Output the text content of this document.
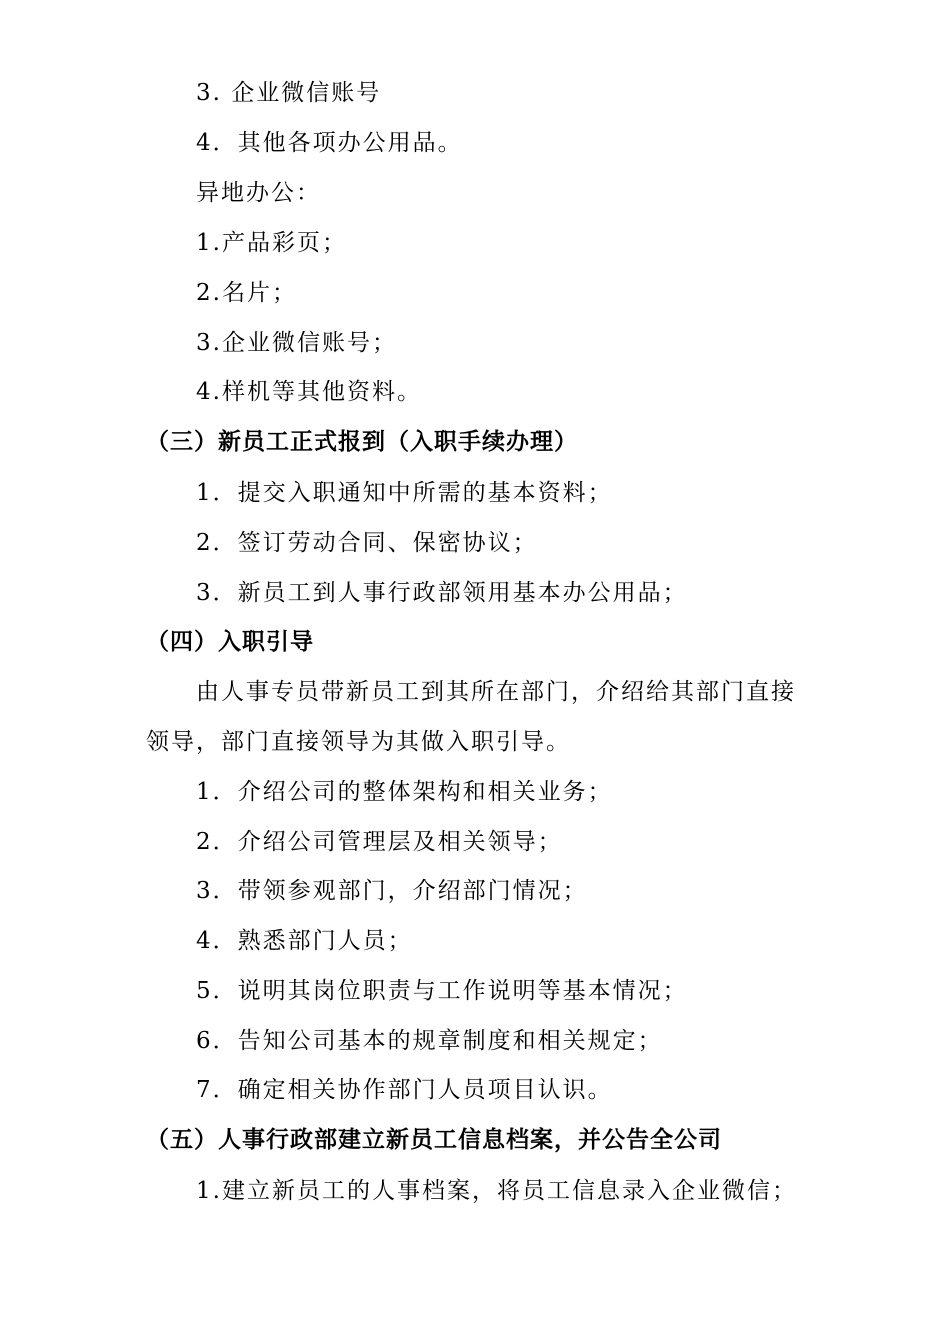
3. 企业微信账号
4．其他各项办公用品。
异地办公：
1.产品彩页；
2.名片；
3.企业微信账号；
4.样机等其他资料。
（三）新员工正式报到（入职手续办理）
1．提交入职通知中所需的基本资料；
2．签订劳动合同、保密协议；
3．新员工到人事行政部领用基本办公用品；
（四）入职引导
由人事专员带新员工到其所在部门，介绍给其部门直接
领导，部门直接领导为其做入职引导。
1．介绍公司的整体架构和相关业务；
2．介绍公司管理层及相关领导；
3．带领参观部门，介绍部门情况；
4．熟悉部门人员；
5．说明其岗位职责与工作说明等基本情况；
6．告知公司基本的规章制度和相关规定；
7．确定相关协作部门人员项目认识。
（五）人事行政部建立新员工信息档案，并公告全公司
1.建立新员工的人事档案，将员工信息录入企业微信；
